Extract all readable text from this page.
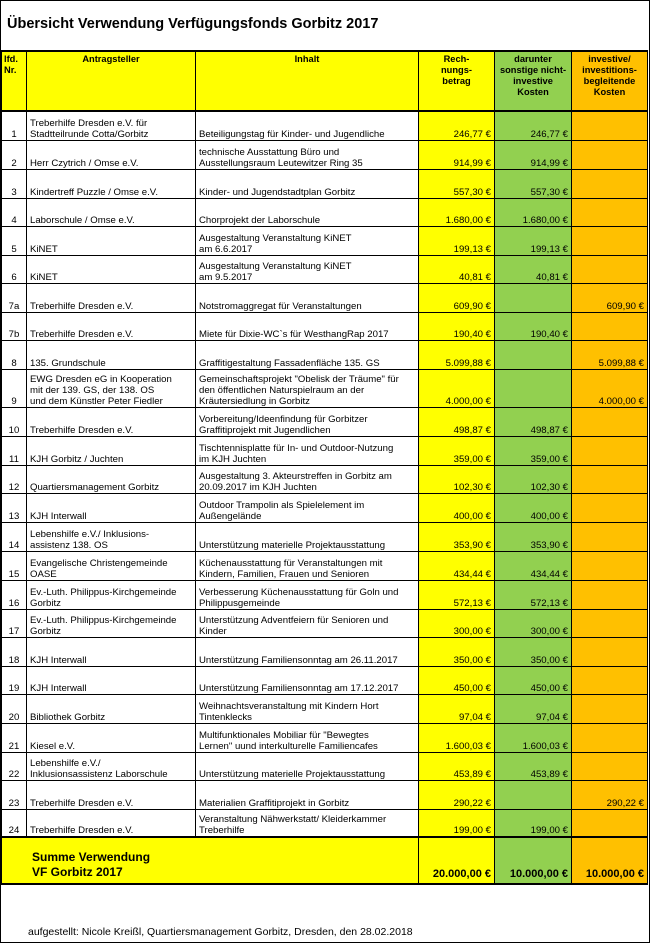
Übersicht Verwendung Verfügungsfonds Gorbitz 2017
lfd.
Nr.	Antragsteller	Inhalt	Rech-
nungs-
betrag	darunter
sonstige nicht-
investive
Kosten	investive/
investitions-
begleitende
Kosten
1	Treberhilfe Dresden e.V. für
Stadtteilrunde Cotta/Gorbitz	Beteiligungstag für Kinder- und Jugendliche	246,77 €	246,77 €	
2	Herr Czytrich / Omse e.V.	technische Ausstattung Büro und
Ausstellungsraum Leutewitzer Ring 35	914,99 €	914,99 €	
3	Kindertreff Puzzle / Omse e.V.	Kinder- und Jugendstadtplan Gorbitz	557,30 €	557,30 €	
4	Laborschule / Omse e.V.	Chorprojekt der Laborschule	1.680,00 €	1.680,00 €	
5	KiNET	Ausgestaltung Veranstaltung KiNET
am 6.6.2017	199,13 €	199,13 €	
6	KiNET	Ausgestaltung Veranstaltung KiNET
am 9.5.2017	40,81 €	40,81 €	
7a	Treberhilfe Dresden e.V.	Notstromaggregat für Veranstaltungen	609,90 €		609,90 €
7b	Treberhilfe Dresden e.V.	Miete für Dixie-WC`s für WesthangRap 2017	190,40 €	190,40 €	
8	135. Grundschule	Graffitigestaltung Fassadenfläche 135. GS	5.099,88 €		5.099,88 €
9	EWG Dresden eG in Kooperation
mit der 139. GS, der 138. OS
und dem Künstler Peter Fiedler	Gemeinschaftsprojekt "Obelisk der Träume" für
den öffentlichen Naturspielraum an der
Kräutersiedlung in Gorbitz	4.000,00 €		4.000,00 €
10	Treberhilfe Dresden e.V.	Vorbereitung/Ideenfindung für Gorbitzer
Graffitiprojekt mit Jugendlichen	498,87 €	498,87 €	
11	KJH Gorbitz / Juchten	Tischtennisplatte für In- und Outdoor-Nutzung
im KJH Juchten	359,00 €	359,00 €	
12	Quartiersmanagement Gorbitz	Ausgestaltung 3. Akteurstreffen in Gorbitz am
20.09.2017 im KJH Juchten	102,30 €	102,30 €	
13	KJH Interwall	Outdoor Trampolin als Spielelement im
Außengelände	400,00 €	400,00 €	
14	Lebenshilfe e.V./ Inklusions-
assistenz 138. OS	Unterstützung materielle Projektausstattung	353,90 €	353,90 €	
15	Evangelische Christengemeinde
OASE	Küchenausstattung für Veranstaltungen mit
Kindern, Familien, Frauen und Senioren	434,44 €	434,44 €	
16	Ev.-Luth. Philippus-Kirchgemeinde
Gorbitz	Verbesserung Küchenausstattung für Goln und
Philippusgemeinde	572,13 €	572,13 €	
17	Ev.-Luth. Philippus-Kirchgemeinde
Gorbitz	Unterstützung Adventfeiern für Senioren und
Kinder	300,00 €	300,00 €	
18	KJH Interwall	Unterstützung Familiensonntag am 26.11.2017	350,00 €	350,00 €	
19	KJH Interwall	Unterstützung Familiensonntag am 17.12.2017	450,00 €	450,00 €	
20	Bibliothek Gorbitz	Weihnachtsveranstaltung mit Kindern Hort
Tintenklecks	97,04 €	97,04 €	
21	Kiesel e.V.	Multifunktionales Mobiliar für "Bewegtes
Lernen" uund interkulturelle Familiencafes	1.600,03 €	1.600,03 €	
22	Lebenshilfe e.V./
Inklusionsassistenz Laborschule	Unterstützung materielle Projektausstattung	453,89 €	453,89 €	
23	Treberhilfe Dresden e.V.	Materialien Graffitiprojekt in Gorbitz	290,22 €		290,22 €
24	Treberhilfe Dresden e.V.	Veranstaltung Nähwerkstatt/ Kleiderkammer
Treberhilfe	199,00 €	199,00 €	
Summe Verwendung
VF Gorbitz 2017			20.000,00 €	10.000,00 €	10.000,00 €
aufgestellt: Nicole Kreißl, Quartiersmanagement Gorbitz, Dresden, den 28.02.2018
